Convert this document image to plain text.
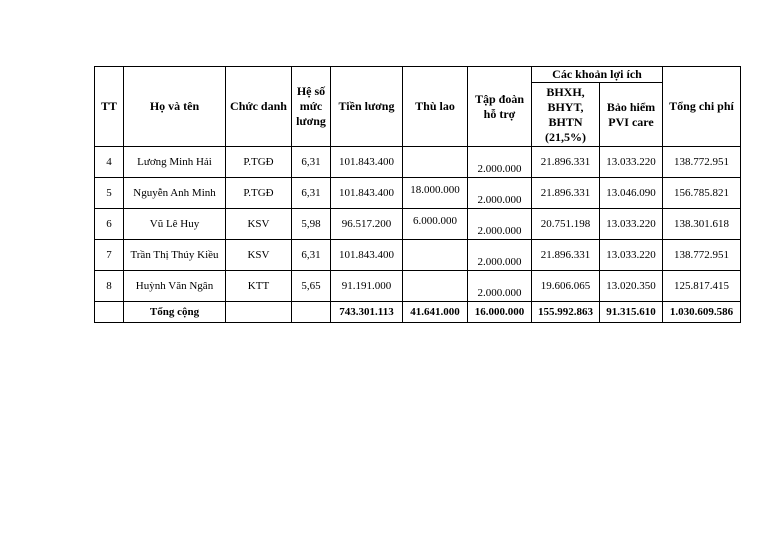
TT	Họ và tên	Chức danh	Hệ số mức lương	Tiền lương	Thù lao	Tập đoàn hỗ trợ	Các khoản lợi ích		Tổng chi phí
							BHXH, BHYT, BHTN (21,5%)	Bảo hiểm PVI care	
4	Lương Minh Hải	P.TGĐ	6,31	101.843.400		2.000.000	21.896.331	13.033.220	138.772.951
5	Nguyễn Anh Minh	P.TGĐ	6,31	101.843.400	18.000.000	2.000.000	21.896.331	13.046.090	156.785.821
6	Vũ Lê Huy	KSV	5,98	96.517.200	6.000.000	2.000.000	20.751.198	13.033.220	138.301.618
7	Trần Thị Thúy Kiều	KSV	6,31	101.843.400		2.000.000	21.896.331	13.033.220	138.772.951
8	Huỳnh Văn Ngân	KTT	5,65	91.191.000		2.000.000	19.606.065	13.020.350	125.817.415
	Tổng cộng			743.301.113	41.641.000	16.000.000	155.992.863	91.315.610	1.030.609.586
